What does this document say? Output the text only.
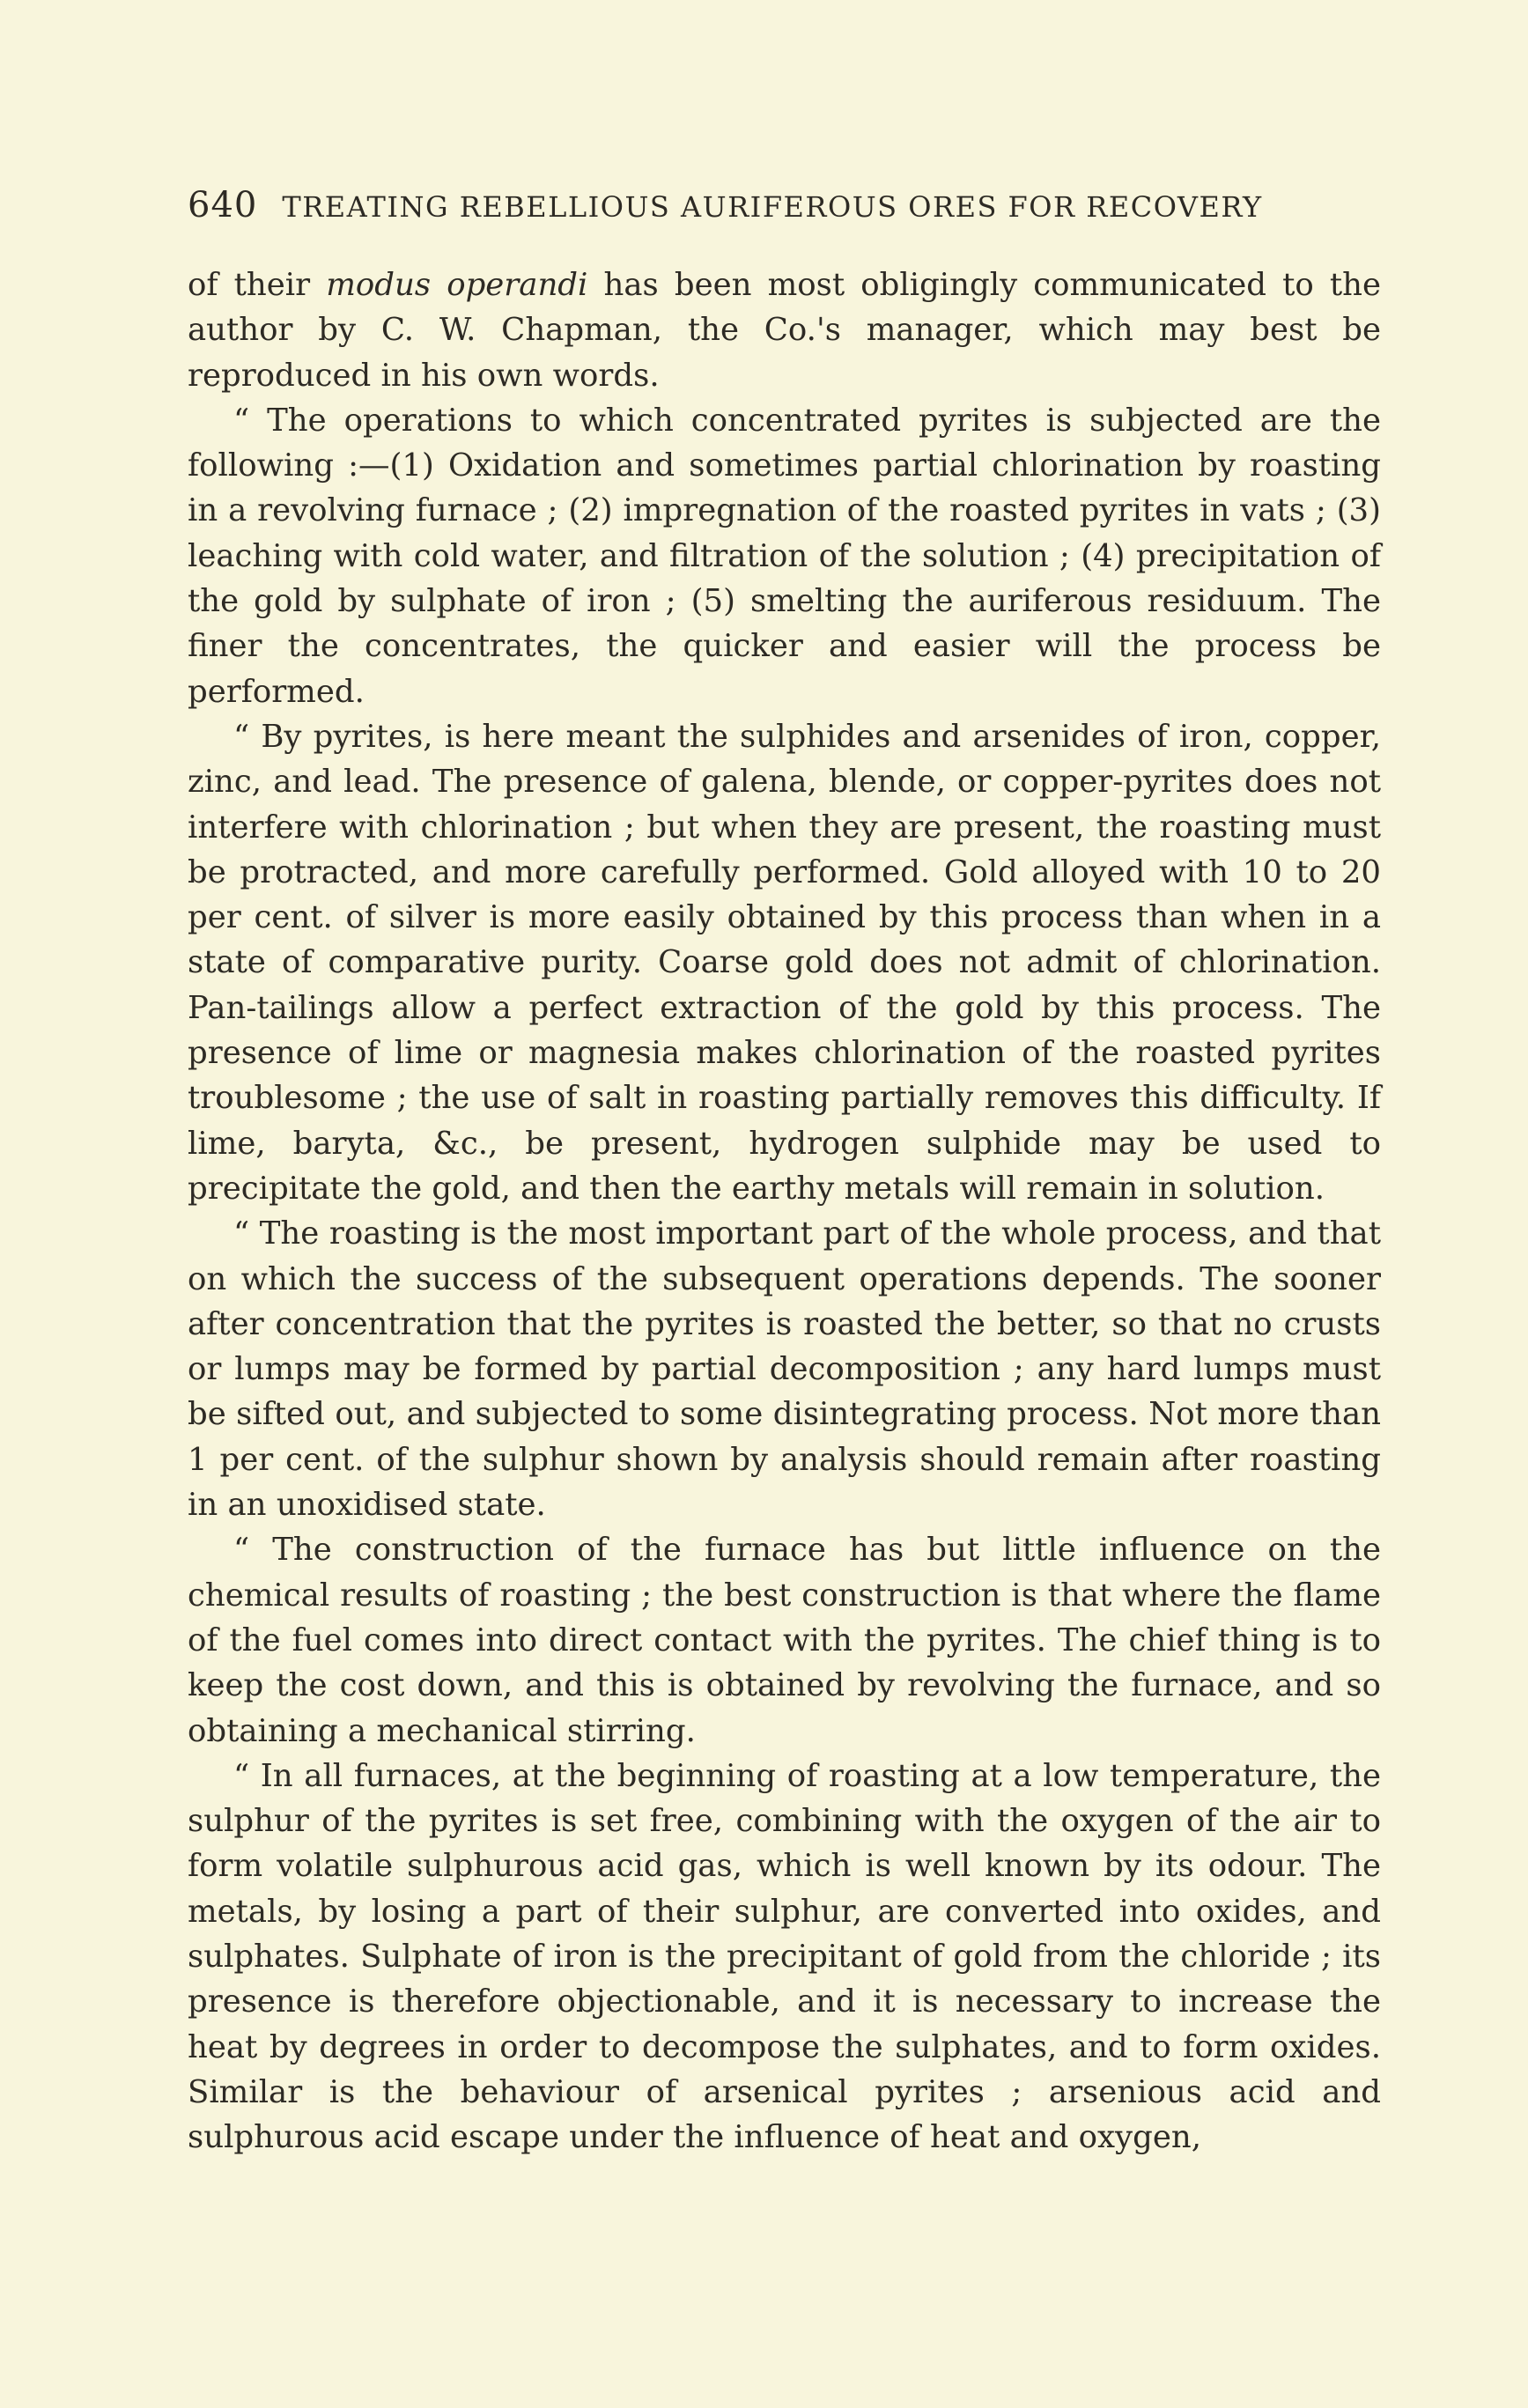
640 TREATING REBELLIOUS AURIFEROUS ORES FOR RECOVERY

of their modus operandi has been most obligingly communicated to the author by C. W. Chapman, the Co.'s manager, which may best be reproduced in his own words.

“ The operations to which concentrated pyrites is subjected are the following :—(1) Oxidation and sometimes partial chlorination by roasting in a revolving furnace ; (2) impregnation of the roasted pyrites in vats ; (3) leaching with cold water, and filtration of the solution ; (4) precipitation of the gold by sulphate of iron ; (5) smelting the auriferous residuum. The finer the concentrates, the quicker and easier will the process be performed.

“ By pyrites, is here meant the sulphides and arsenides of iron, copper, zinc, and lead. The presence of galena, blende, or copper-pyrites does not interfere with chlorination ; but when they are present, the roasting must be protracted, and more carefully performed. Gold alloyed with 10 to 20 per cent. of silver is more easily obtained by this process than when in a state of comparative purity. Coarse gold does not admit of chlorination. Pan-tailings allow a perfect extraction of the gold by this process. The presence of lime or magnesia makes chlorination of the roasted pyrites troublesome ; the use of salt in roasting partially removes this difficulty. If lime, baryta, &c., be present, hydrogen sulphide may be used to precipitate the gold, and then the earthy metals will remain in solution.

“ The roasting is the most important part of the whole process, and that on which the success of the subsequent operations depends. The sooner after concentration that the pyrites is roasted the better, so that no crusts or lumps may be formed by partial decomposition ; any hard lumps must be sifted out, and subjected to some disintegrating process. Not more than 1 per cent. of the sulphur shown by analysis should remain after roasting in an unoxidised state.

“ The construction of the furnace has but little influence on the chemical results of roasting ; the best construction is that where the flame of the fuel comes into direct contact with the pyrites. The chief thing is to keep the cost down, and this is obtained by revolving the furnace, and so obtaining a mechanical stirring.

“ In all furnaces, at the beginning of roasting at a low temperature, the sulphur of the pyrites is set free, combining with the oxygen of the air to form volatile sulphurous acid gas, which is well known by its odour. The metals, by losing a part of their sulphur, are converted into oxides, and sulphates. Sulphate of iron is the precipitant of gold from the chloride ; its presence is therefore objectionable, and it is necessary to increase the heat by degrees in order to decompose the sulphates, and to form oxides. Similar is the behaviour of arsenical pyrites ; arsenious acid and sulphurous acid escape under the influence of heat and oxygen,
